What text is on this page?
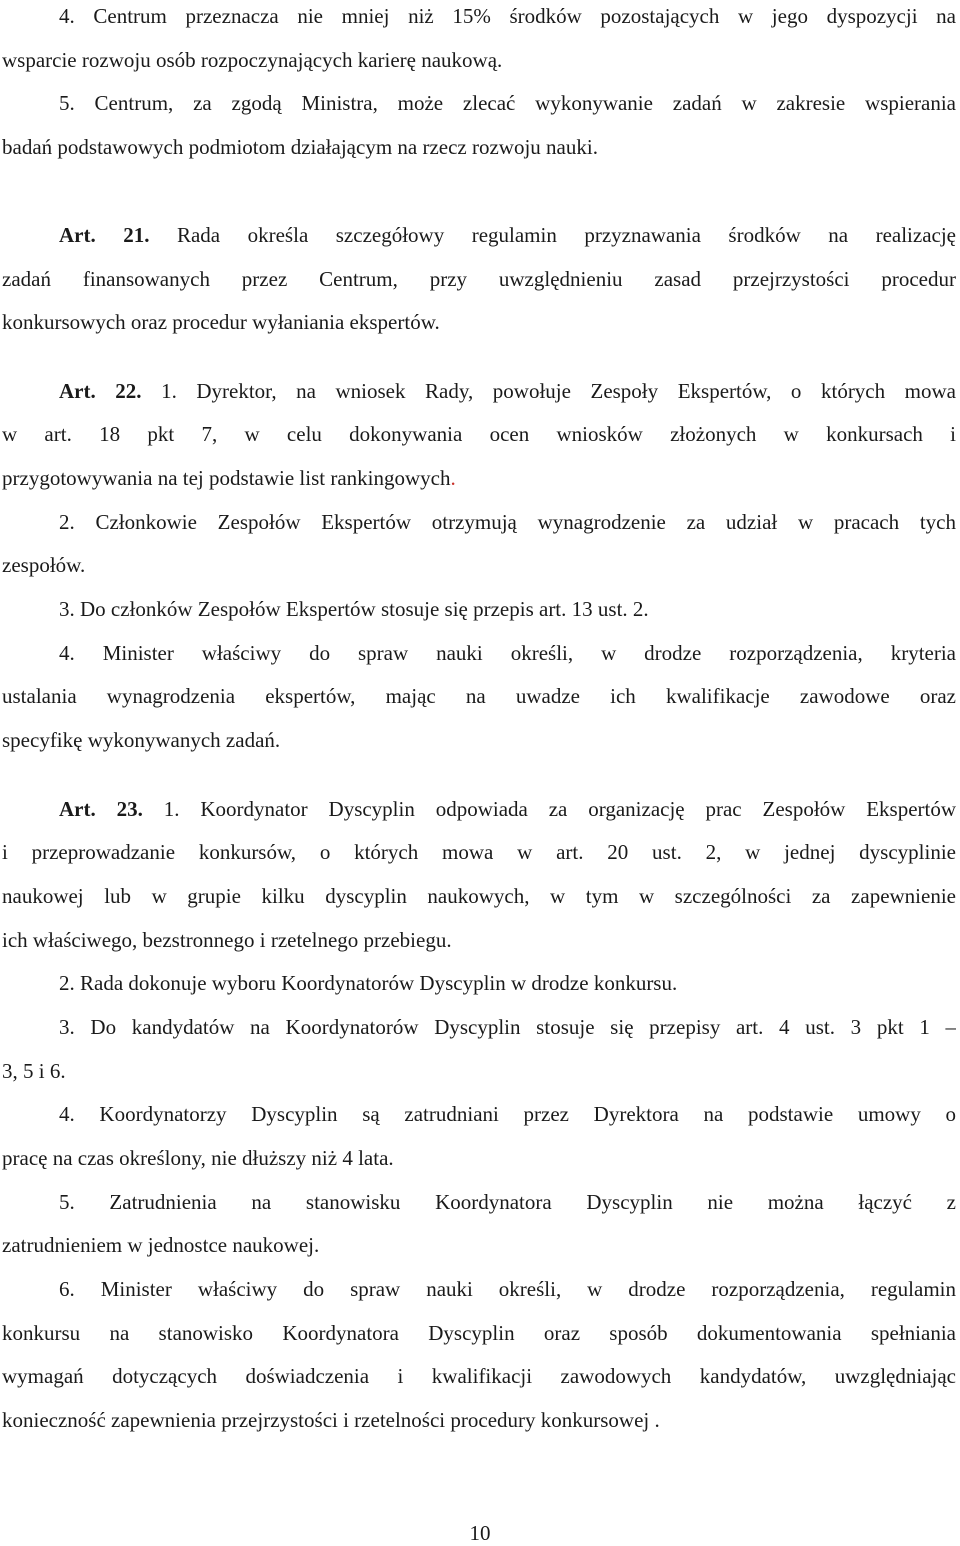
4. Centrum przeznacza nie mniej niż 15% środków pozostających w jego dyspozycji na
wsparcie rozwoju osób rozpoczynających karierę naukową.
5. Centrum, za zgodą Ministra, może zlecać wykonywanie zadań w zakresie wspierania
badań podstawowych podmiotom działającym na rzecz rozwoju nauki.
Art. 21. Rada określa szczegółowy regulamin przyznawania środków na realizację
zadań finansowanych przez Centrum, przy uwzględnieniu zasad przejrzystości procedur
konkursowych oraz procedur wyłaniania ekspertów.
Art. 22. 1. Dyrektor, na wniosek Rady, powołuje Zespoły Ekspertów, o których mowa
w art. 18 pkt 7, w celu dokonywania ocen wniosków złożonych w konkursach i
przygotowywania na tej podstawie list rankingowych.
2. Członkowie Zespołów Ekspertów otrzymują wynagrodzenie za udział w pracach tych
zespołów.
3. Do członków Zespołów Ekspertów stosuje się przepis art. 13 ust. 2.
4. Minister właściwy do spraw nauki określi, w drodze rozporządzenia, kryteria
ustalania wynagrodzenia ekspertów, mając na uwadze ich kwalifikacje zawodowe oraz
specyfikę wykonywanych zadań.
Art. 23. 1. Koordynator Dyscyplin odpowiada za organizację prac Zespołów Ekspertów
i przeprowadzanie konkursów, o których mowa w art. 20 ust. 2, w jednej dyscyplinie
naukowej lub w grupie kilku dyscyplin naukowych, w tym w szczególności za zapewnienie
ich właściwego, bezstronnego i rzetelnego przebiegu.
2. Rada dokonuje wyboru Koordynatorów Dyscyplin w drodze konkursu.
3. Do kandydatów na Koordynatorów Dyscyplin stosuje się przepisy art. 4 ust. 3 pkt 1 –
3, 5 i 6.
4. Koordynatorzy Dyscyplin są zatrudniani przez Dyrektora na podstawie umowy o
pracę na czas określony, nie dłuższy niż 4 lata.
5. Zatrudnienia na stanowisku Koordynatora Dyscyplin nie można łączyć z
zatrudnieniem w jednostce naukowej.
6. Minister właściwy do spraw nauki określi, w drodze rozporządzenia, regulamin
konkursu na stanowisko Koordynatora Dyscyplin oraz sposób dokumentowania spełniania
wymagań dotyczących doświadczenia i kwalifikacji zawodowych kandydatów, uwzględniając
konieczność zapewnienia przejrzystości i rzetelności procedury konkursowej .
10
